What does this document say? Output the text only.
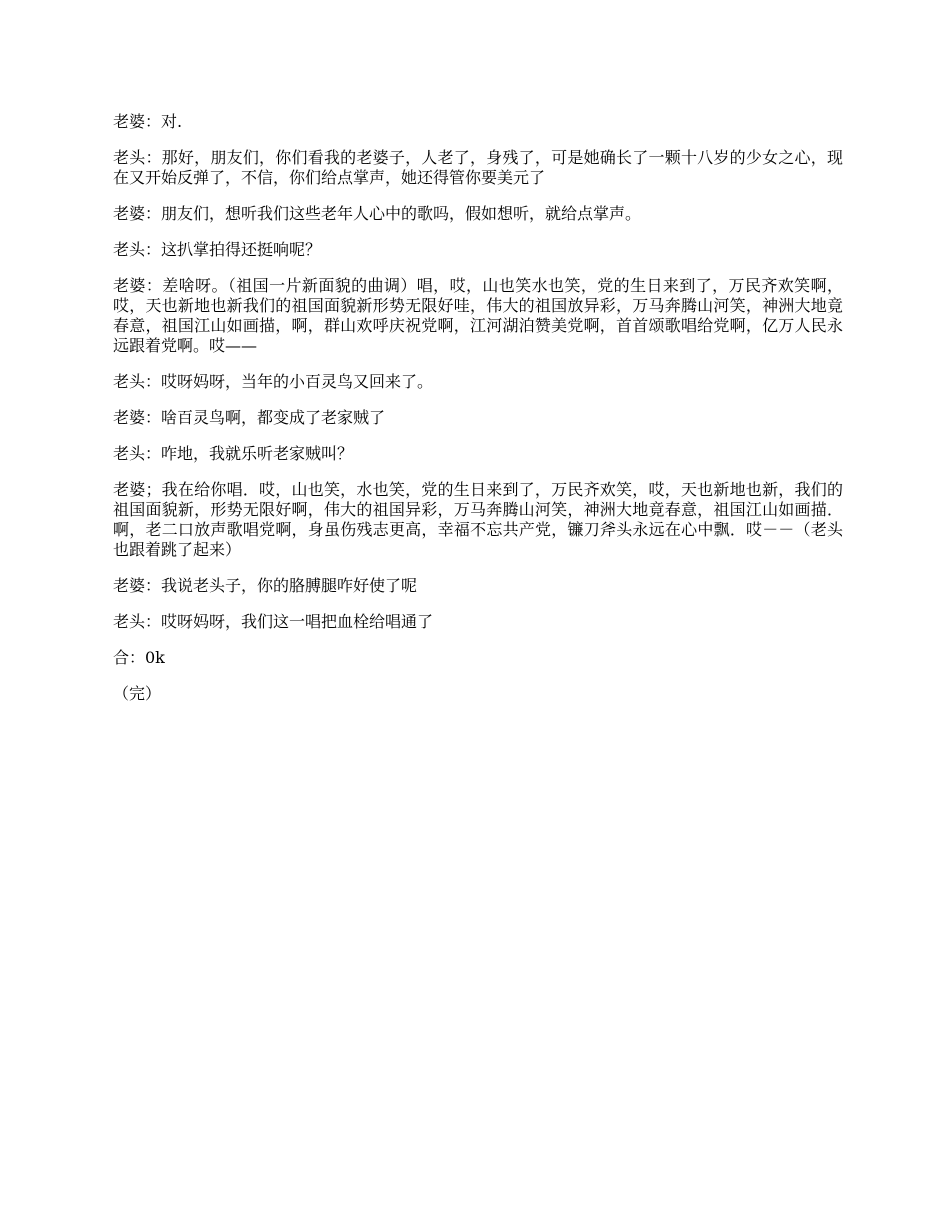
老婆：对.

老头：那好，朋友们，你们看我的老婆子，人老了，身残了，可是她确长了一颗十八岁的少女之心，现在又开始反弹了，不信，你们给点掌声，她还得管你要美元了

老婆：朋友们，想听我们这些老年人心中的歌吗，假如想听，就给点掌声。

老头：这扒掌拍得还挺响呢？

老婆：差啥呀。（祖国一片新面貌的曲调）唱，哎，山也笑水也笑，党的生日来到了，万民齐欢笑啊，哎，天也新地也新我们的祖国面貌新形势无限好哇，伟大的祖国放异彩，万马奔腾山河笑，神洲大地竟春意，祖国江山如画描，啊，群山欢呼庆祝党啊，江河湖泊赞美党啊，首首颂歌唱给党啊，亿万人民永远跟着党啊。哎——

老头：哎呀妈呀，当年的小百灵鸟又回来了。

老婆：啥百灵鸟啊，都变成了老家贼了

老头：咋地，我就乐听老家贼叫？

老婆；我在给你唱．哎，山也笑，水也笑，党的生日来到了，万民齐欢笑，哎，天也新地也新，我们的祖国面貌新，形势无限好啊，伟大的祖国异彩，万马奔腾山河笑，神洲大地竟春意，祖国江山如画描．啊，老二口放声歌唱党啊，身虽伤残志更高，幸福不忘共产党，镰刀斧头永远在心中飘．哎－－（老头也跟着跳了起来）

老婆：我说老头子，你的胳膊腿咋好使了呢

老头：哎呀妈呀，我们这一唱把血栓给唱通了

合：0k

（完）
